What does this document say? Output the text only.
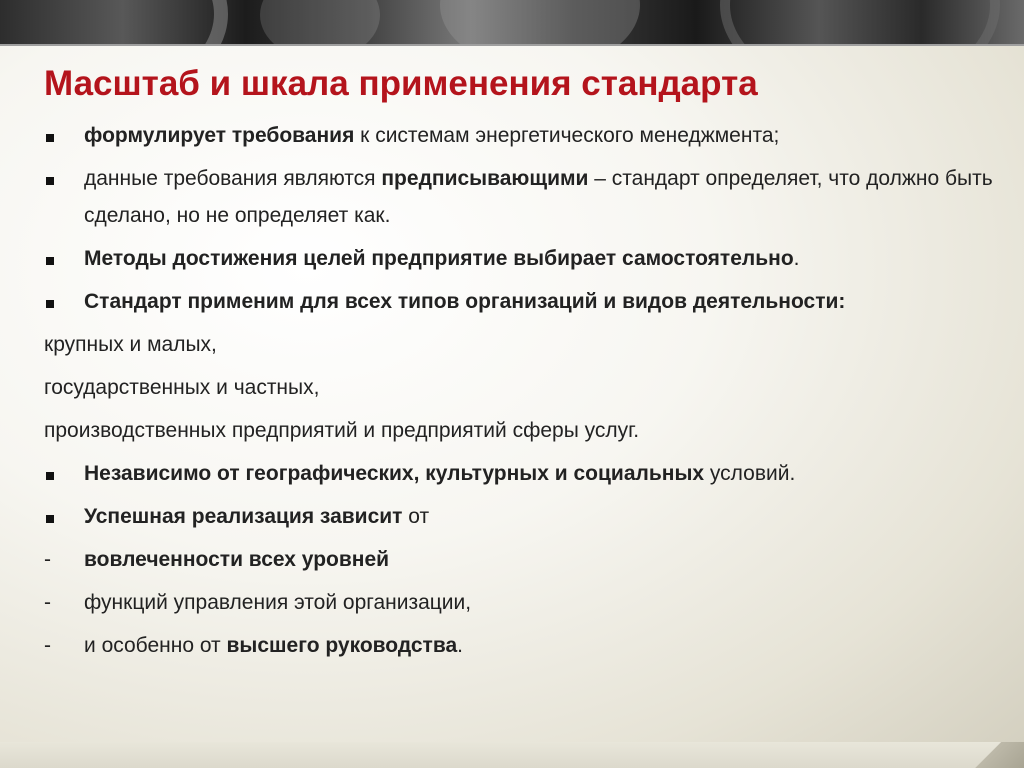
Масштаб и шкала применения стандарта
формулирует требования к системам энергетического менеджмента;
данные требования являются предписывающими – стандарт определяет, что должно быть сделано, но не определяет как.
Методы достижения целей предприятие выбирает самостоятельно.
Стандарт применим для всех типов организаций и видов деятельности:
крупных и малых,
государственных и частных,
производственных предприятий и предприятий сферы услуг.
Независимо от географических, культурных и социальных условий.
Успешная реализация зависит от
-	вовлеченности всех уровней
-	функций управления этой организации,
-	и особенно от высшего руководства.
